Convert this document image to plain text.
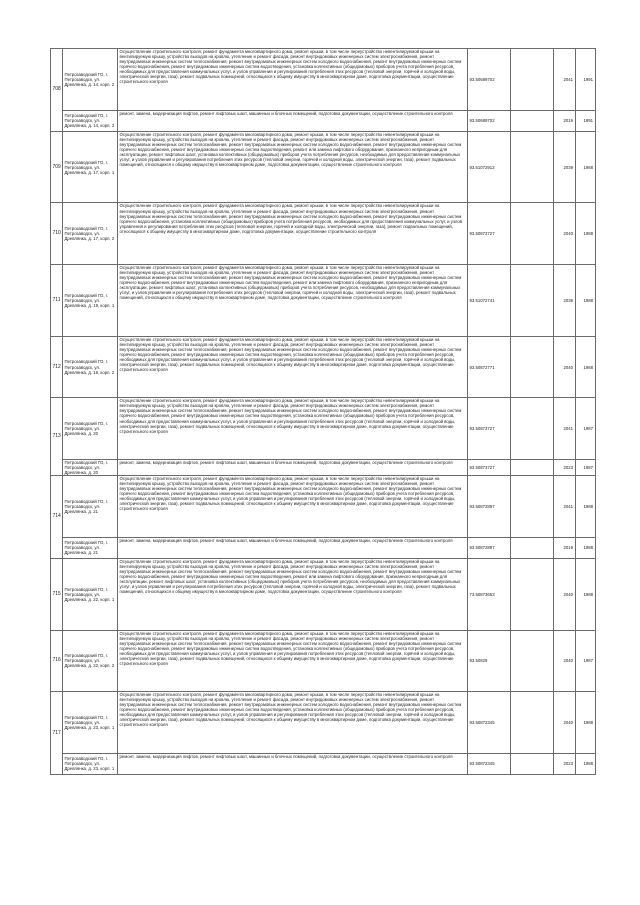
708	Петрозаводский ГО, г. Петрозаводск, ул. Древлянка, д. 14, корп. 2	Осуществление строительного контроля, ремонт фундамента многоквартирного дома, ремонт крыши, в том числе переустройство невентилируемой крыши на вентилируемую крышу, устройство выходов на кровлю, утепление и ремонт фасада, ремонт внутридомовых инженерных систем электроснабжения, ремонт внутридомовых инженерных систем теплоснабжения, ремонт внутридомовых инженерных систем холодного водоснабжения, ремонт внутридомовых инженерных систем горячего водоснабжения, ремонт внутридомовых инженерных систем водоотведения, установка коллективных (общедомовых) приборов учета потребления ресурсов, необходимых для предоставления коммунальных услуг, и узлов управления и регулирования потребления этих ресурсов (тепловой энергии, горячей и холодной воды, электрической энергии, газа), ремонт подвальных помещений, относящихся к общему имуществу в многоквартирном доме, подготовка документации, осуществление строительного контроля	93.50689702		2041	1991
	Петрозаводский ГО, г. Петрозаводск, ул. Древлянка, д. 14, корп. 2	ремонт, замена, модернизация лифтов, ремонт лифтовых шахт, машинных и блочных помещений, подготовка документации, осуществление строительного контроля	93.50689702		2019	1991
709	Петрозаводский ГО, г. Петрозаводск, ул. Древлянка, д. 17, корп. 1	Осуществление строительного контроля, ремонт фундамента многоквартирного дома, ремонт крыши, в том числе переустройство невентилируемой крыши на вентилируемую крышу, устройство выходов на кровлю, утепление и ремонт фасада, ремонт внутридомовых инженерных систем электроснабжения, ремонт внутридомовых инженерных систем теплоснабжения, ремонт внутридомовых инженерных систем холодного водоснабжения, ремонт внутридомовых инженерных систем горячего водоснабжения, ремонт внутридомовых инженерных систем водоотведения, ремонт или замена лифтового оборудования, признанного непригодным для эксплуатации, ремонт лифтовых шахт, установка коллективных (общедомовых) приборов учета потребления ресурсов, необходимых для предоставления коммунальных услуг, и узлов управления и регулирования потребления этих ресурсов (тепловой энергии, горячей и холодной воды, электрической энергии, газа), ремонт подвальных помещений, относящихся к общему имуществу в многоквартирном доме, подготовка документации, осуществление строительного контроля	93.51072912		2039	1988
710	Петрозаводский ГО, г. Петрозаводск, ул. Древлянка, д. 17, корп. 2	Осуществление строительного контроля, ремонт фундамента многоквартирного дома, ремонт крыши, в том числе переустройство невентилируемой крыши на вентилируемую крышу, устройство выходов на кровлю, утепление и ремонт фасада, ремонт внутридомовых инженерных систем электроснабжения, ремонт внутридомовых инженерных систем теплоснабжения, ремонт внутридомовых инженерных систем холодного водоснабжения, ремонт внутридомовых инженерных систем горячего водоснабжения, установка коллективных (общедомовых) приборов учета потребления ресурсов, необходимых для предоставления коммунальных услуг, и узлов управления и регулирования потребления этих ресурсов (тепловой энергии, горячей и холодной воды, электрической энергии, газа), ремонт подвальных помещений, относящихся к общему имуществу в многоквартирном доме, подготовка документации, осуществление строительного контроля	93.50872727		2040	1988
711	Петрозаводский ГО, г. Петрозаводск, ул. Древлянка, д. 19, корп. 1	Осуществление строительного контроля, ремонт фундамента многоквартирного дома, ремонт крыши, в том числе переустройство невентилируемой крыши на вентилируемую крышу, устройство выходов на кровлю, утепление и ремонт фасада, ремонт внутридомовых инженерных систем электроснабжения, ремонт внутридомовых инженерных систем теплоснабжения, ремонт внутридомовых инженерных систем холодного водоснабжения, ремонт внутридомовых инженерных систем горячего водоснабжения, ремонт внутридомовых инженерных систем водоотведения, ремонт или замена лифтового оборудования, признанного непригодным для эксплуатации, ремонт лифтовых шахт, установка коллективных (общедомовых) приборов учета потребления ресурсов, необходимых для предоставления коммунальных услуг, и узлов управления и регулирования потребления этих ресурсов (тепловой энергии, горячей и холодной воды, электрической энергии, газа), ремонт подвальных помещений, относящихся к общему имуществу в многоквартирном доме, подготовка документации, осуществление строительного контроля	93.51072741		2039	1988
712	Петрозаводский ГО, г. Петрозаводск, ул. Древлянка, д. 19, корп. 2	Осуществление строительного контроля, ремонт фундамента многоквартирного дома, ремонт крыши, в том числе переустройство невентилируемой крыши на вентилируемую крышу, устройство выходов на кровлю, утепление и ремонт фасада, ремонт внутридомовых инженерных систем электроснабжения, ремонт внутридомовых инженерных систем теплоснабжения, ремонт внутридомовых инженерных систем холодного водоснабжения, ремонт внутридомовых инженерных систем горячего водоснабжения, ремонт внутридомовых инженерных систем водоотведения, установка коллективных (общедомовых) приборов учета потребления ресурсов, необходимых для предоставления коммунальных услуг, и узлов управления и регулирования потребления этих ресурсов (тепловой энергии, горячей и холодной воды, электрической энергии, газа), ремонт подвальных помещений, относящихся к общему имуществу в многоквартирном доме, подготовка документации, осуществление строительного контроля	93.50872771		2040	1988
713	Петрозаводский ГО, г. Петрозаводск, ул. Древлянка, д. 20	Осуществление строительного контроля, ремонт фундамента многоквартирного дома, ремонт крыши, в том числе переустройство невентилируемой крыши на вентилируемую крышу, устройство выходов на кровлю, утепление и ремонт фасада, ремонт внутридомовых инженерных систем электроснабжения, ремонт внутридомовых инженерных систем теплоснабжения, ремонт внутридомовых инженерных систем холодного водоснабжения, ремонт внутридомовых инженерных систем горячего водоснабжения, ремонт внутридомовых инженерных систем водоотведения, установка коллективных (общедомовых) приборов учета потребления ресурсов, необходимых для предоставления коммунальных услуг, и узлов управления и регулирования потребления этих ресурсов (тепловой энергии, горячей и холодной воды, электрической энергии, газа), ремонт подвальных помещений, относящихся к общему имуществу в многоквартирном доме, подготовка документации, осуществление строительного контроля	93.50873727		2041	1987
	Петрозаводский ГО, г. Петрозаводск, ул. Древлянка, д. 20	ремонт, замена, модернизация лифтов, ремонт лифтовых шахт, машинных и блочных помещений, подготовка документации, осуществление строительного контроля	93.50873727		2023	1987
714	Петрозаводский ГО, г. Петрозаводск, ул. Древлянка, д. 21	Осуществление строительного контроля, ремонт фундамента многоквартирного дома, ремонт крыши, в том числе переустройство невентилируемой крыши на вентилируемую крышу, устройство выходов на кровлю, утепление и ремонт фасада, ремонт внутридомовых инженерных систем электроснабжения, ремонт внутридомовых инженерных систем теплоснабжения, ремонт внутридомовых инженерных систем холодного водоснабжения, ремонт внутридомовых инженерных систем горячего водоснабжения, ремонт внутридомовых инженерных систем водоотведения, установка коллективных (общедомовых) приборов учета потребления ресурсов, необходимых для предоставления коммунальных услуг, и узлов управления и регулирования потребления этих ресурсов (тепловой энергии, горячей и холодной воды, электрической энергии, газа), ремонт подвальных помещений, относящихся к общему имуществу в многоквартирном доме, подготовка документации, осуществление строительного контроля	93.50872897		2041	1988
	Петрозаводский ГО, г. Петрозаводск, ул. Древлянка, д. 21	ремонт, замена, модернизация лифтов, ремонт лифтовых шахт, машинных и блочных помещений, подготовка документации, осуществление строительного контроля	93.50872897		2019	1988
715	Петрозаводский ГО, г. Петрозаводск, ул. Древлянка, д. 22, корп. 1	Осуществление строительного контроля, ремонт фундамента многоквартирного дома, ремонт крыши, в том числе переустройство невентилируемой крыши на вентилируемую крышу, устройство выходов на кровлю, утепление и ремонт фасада, ремонт внутридомовых инженерных систем электроснабжения, ремонт внутридомовых инженерных систем теплоснабжения, ремонт внутридомовых инженерных систем холодного водоснабжения, ремонт внутридомовых инженерных систем горячего водоснабжения, ремонт внутридомовых инженерных систем водоотведения, ремонт или замена лифтового оборудования, признанного непригодным для эксплуатации, ремонт лифтовых шахт, установка коллективных (общедомовых) приборов учета потребления ресурсов, необходимых для предоставления коммунальных услуг, и узлов управления и регулирования потребления этих ресурсов (тепловой энергии, горячей и холодной воды, электрической энергии, газа), ремонт подвальных помещений, относящихся к общему имуществу в многоквартирном доме, подготовка документации, осуществление строительного контроля	73.50873653		2040	1988
716	Петрозаводский ГО, г. Петрозаводск, ул. Древлянка, д. 22, корп. 2	Осуществление строительного контроля, ремонт фундамента многоквартирного дома, ремонт крыши, в том числе переустройство невентилируемой крыши на вентилируемую крышу, устройство выходов на кровлю, утепление и ремонт фасада, ремонт внутридомовых инженерных систем электроснабжения, ремонт внутридомовых инженерных систем теплоснабжения, ремонт внутридомовых инженерных систем холодного водоснабжения, ремонт внутридомовых инженерных систем горячего водоснабжения, ремонт внутридомовых инженерных систем водоотведения, установка коллективных (общедомовых) приборов учета потребления ресурсов, необходимых для предоставления коммунальных услуг, и узлов управления и регулирования потребления этих ресурсов (тепловой энергии, горячей и холодной воды, электрической энергии, газа), ремонт подвальных помещений, относящихся к общему имуществу в многоквартирном доме, подготовка документации, осуществление строительного контроля	93.50829		2040	1987
717	Петрозаводский ГО, г. Петрозаводск, ул. Древлянка, д. 23, корп. 1	Осуществление строительного контроля, ремонт фундамента многоквартирного дома, ремонт крыши, в том числе переустройство невентилируемой крыши на вентилируемую крышу, устройство выходов на кровлю, утепление и ремонт фасада, ремонт внутридомовых инженерных систем электроснабжения, ремонт внутридомовых инженерных систем теплоснабжения, ремонт внутридомовых инженерных систем холодного водоснабжения, ремонт внутридомовых инженерных систем горячего водоснабжения, ремонт внутридомовых инженерных систем водоотведения, установка коллективных (общедомовых) приборов учета потребления ресурсов, необходимых для предоставления коммунальных услуг, и узлов управления и регулирования потребления этих ресурсов (тепловой энергии, горячей и холодной воды, электрической энергии, газа), ремонт подвальных помещений, относящихся к общему имуществу в многоквартирном доме, подготовка документации, осуществление строительного контроля	93.50872345		2040	1988
	Петрозаводский ГО, г. Петрозаводск, ул. Древлянка, д. 23, корп. 1	ремонт, замена, модернизация лифтов, ремонт лифтовых шахт, машинных и блочных помещений, подготовка документации, осуществление строительного контроля	93.50872345		2023	1988
